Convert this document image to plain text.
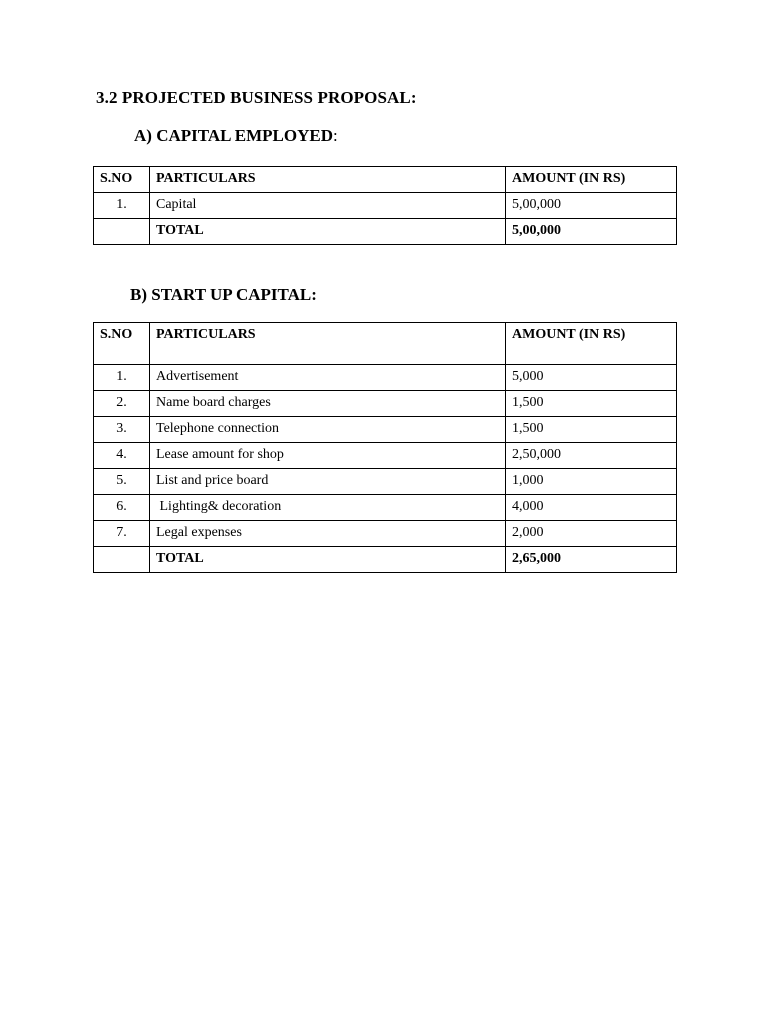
3.2 PROJECTED BUSINESS PROPOSAL:
A) CAPITAL EMPLOYED:
S.NO	PARTICULARS	AMOUNT (IN RS)
1.	Capital	5,00,000
	TOTAL	5,00,000
B) START UP CAPITAL:
S.NO	PARTICULARS	AMOUNT (IN RS)
1.	Advertisement	5,000
2.	Name board charges	1,500
3.	Telephone connection	1,500
4.	Lease amount for shop	2,50,000
5.	List and price board	1,000
6.	Lighting& decoration	4,000
7.	Legal expenses	2,000
	TOTAL	2,65,000
